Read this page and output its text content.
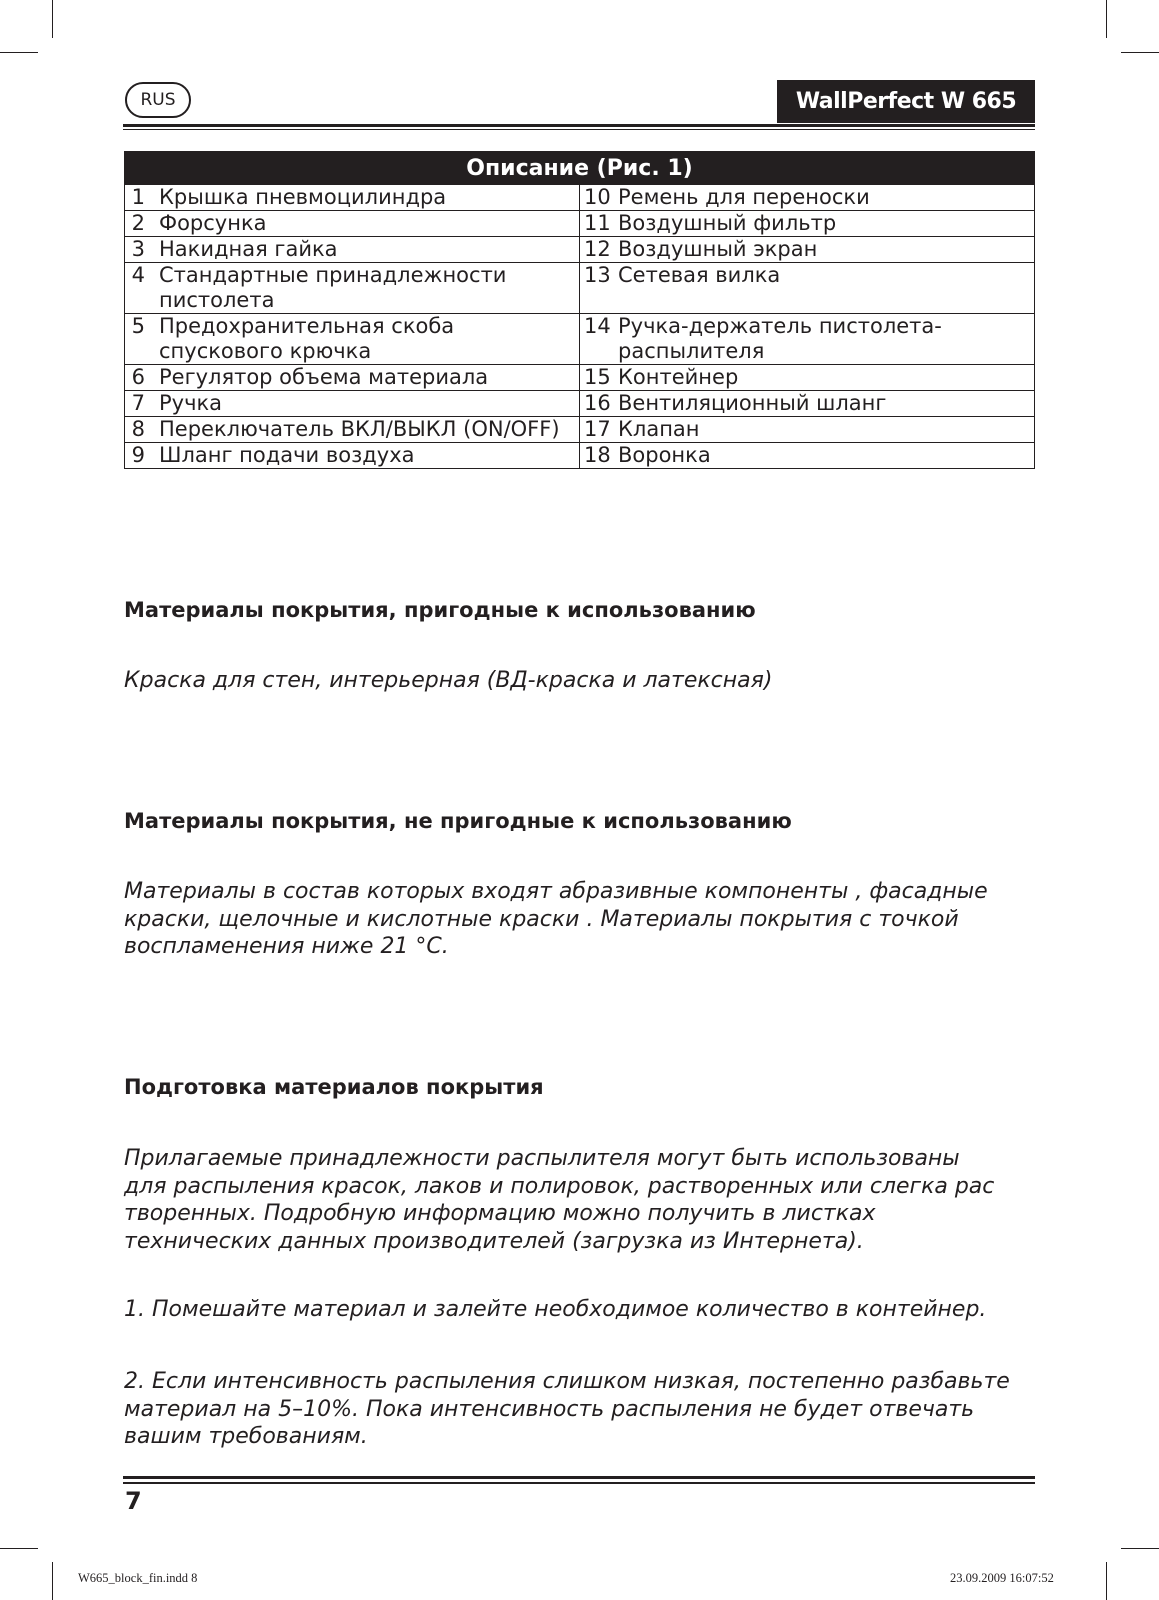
RUS	WallPerfect W 665
Описание (Рис. 1)	

1 Крышка пневмоцилиндра	10 Ремень для переноски

2 Форсунка	11 Воздушный фильтр

3 Накидная гайка	12 Воздушный экран

4 Стандартные принадлежности пистолета	13 Сетевая вилка

5 Предохранительная скоба спускового крючка	14 Ручка-держатель пистолета-распылителя

6 Регулятор объема материала	15 Контейнер

7 Ручка	16 Вентиляционный шланг

8 Переключатель ВКЛ/ВЫКЛ (ON/OFF)	17 Клапан

9 Шланг подачи воздуха	18 Воронка
Материалы покрытия, пригодные к использованию
Краска для стен, интерьерная (ВД-краска и латексная)
Материалы покрытия, не пригодные к использованию
Материалы в состав которых входят абразивные компоненты , фасадные краски, щелочные и кислотные краски . Материалы покрытия с точкой воспламенения ниже 21 °С.
Подготовка материалов покрытия
Прилагаемые принадлежности распылителя могут быть использованы для распыления красок, лаков и полировок, растворенных или слегка рас творенных. Подробную информацию можно получить в листках технических данных производителей (загрузка из Интернета).
1. Помешайте материал и залейте необходимое количество в контейнер.
2. Если интенсивность распыления слишком низкая, постепенно разбавьте материал на 5–10%. Пока интенсивность распыления не будет отвечать вашим требованиям.
7
W665_block_fin.indd 8	23.09.2009 16:07:52
